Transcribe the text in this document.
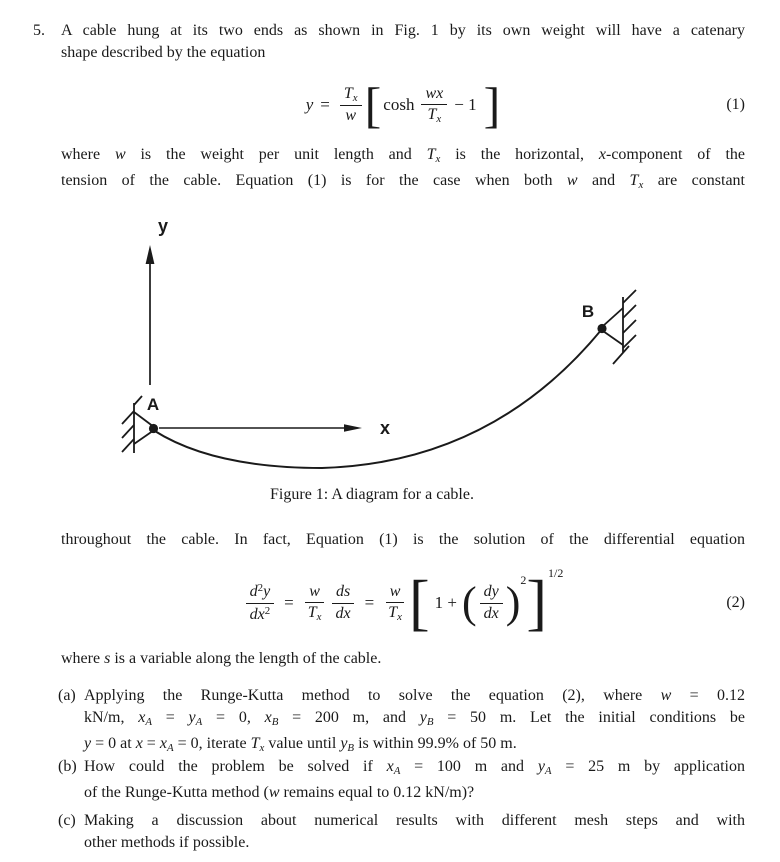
5. A cable hung at its two ends as shown in Fig. 1 by its own weight will have a catenary
shape described by the equation
$y = \frac{Tx}{w}$ [ $\cosh \frac{wx}{Tx} - 1$ ]	(1)
where w is the weight per unit length and Tx is the horizontal, x-component of the
tension of the cable. Equation (1) is for the case when both w and Tx are constant
y
x
A
B
Figure 1: A diagram for a cable.
throughout the cable. In fact, Equation (1) is the solution of the differential equation
$\frac{d^2y}{dx^2} = \frac{w}{Tx} \frac{ds}{dx} = \frac{w}{Tx}$ [ 1 + ( $\frac{dy}{dx}$ ) 2 ] 1/2
(2)
where s is a variable along the length of the cable.
(a) Applying the Runge-Kutta method to solve the equation (2), where w = 0.12
kN/m, xA = yA = 0, xB = 200 m, and yB = 50 m. Let the initial conditions be
y = 0 at x = xA = 0, iterate Tx value until yB is within 99.9% of 50 m.
(b) How could the problem be solved if xA = 100 m and yA = 25 m by application
of the Runge-Kutta method (w remains equal to 0.12 kN/m)?
(c) Making a discussion about numerical results with different mesh steps and with
other methods if possible.
